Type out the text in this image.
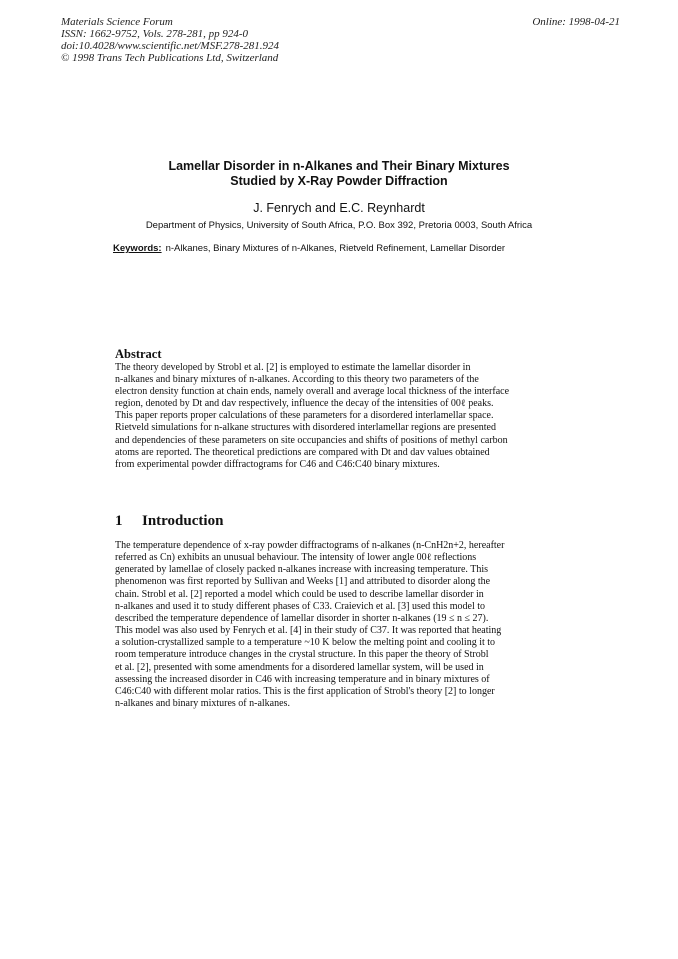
Materials Science Forum
ISSN: 1662-9752, Vols. 278-281, pp 924-0
doi:10.4028/www.scientific.net/MSF.278-281.924
© 1998 Trans Tech Publications Ltd, Switzerland
Online: 1998-04-21
Lamellar Disorder in n-Alkanes and Their Binary Mixtures
Studied by X-Ray Powder Diffraction
J. Fenrych and E.C. Reynhardt
Department of Physics, University of South Africa, P.O. Box 392, Pretoria 0003, South Africa
Keywords: n-Alkanes, Binary Mixtures of n-Alkanes, Rietveld Refinement, Lamellar Disorder
Abstract
The theory developed by Strobl et al. [2] is employed to estimate the lamellar disorder in
n-alkanes and binary mixtures of n-alkanes. According to this theory two parameters of the
electron density function at chain ends, namely overall and average local thickness of the interface
region, denoted by Dt and dav respectively, influence the decay of the intensities of 00ℓ peaks.
This paper reports proper calculations of these parameters for a disordered interlamellar space.
Rietveld simulations for n-alkane structures with disordered interlamellar regions are presented
and dependencies of these parameters on site occupancies and shifts of positions of methyl carbon
atoms are reported. The theoretical predictions are compared with Dt and dav values obtained
from experimental powder diffractograms for C46 and C46:C40 binary mixtures.
1 Introduction
The temperature dependence of x-ray powder diffractograms of n-alkanes (n-CnH2n+2, hereafter
referred as Cn) exhibits an unusual behaviour. The intensity of lower angle 00ℓ reflections
generated by lamellae of closely packed n-alkanes increase with increasing temperature. This
phenomenon was first reported by Sullivan and Weeks [1] and attributed to disorder along the
chain. Strobl et al. [2] reported a model which could be used to describe lamellar disorder in
n-alkanes and used it to study different phases of C33. Craievich et al. [3] used this model to
described the temperature dependence of lamellar disorder in shorter n-alkanes (19 ≤ n ≤ 27).
This model was also used by Fenrych et al. [4] in their study of C37. It was reported that heating
a solution-crystallized sample to a temperature ~10 K below the melting point and cooling it to
room temperature introduce changes in the crystal structure. In this paper the theory of Strobl
et al. [2], presented with some amendments for a disordered lamellar system, will be used in
assessing the increased disorder in C46 with increasing temperature and in binary mixtures of
C46:C40 with different molar ratios. This is the first application of Strobl's theory [2] to longer
n-alkanes and binary mixtures of n-alkanes.
